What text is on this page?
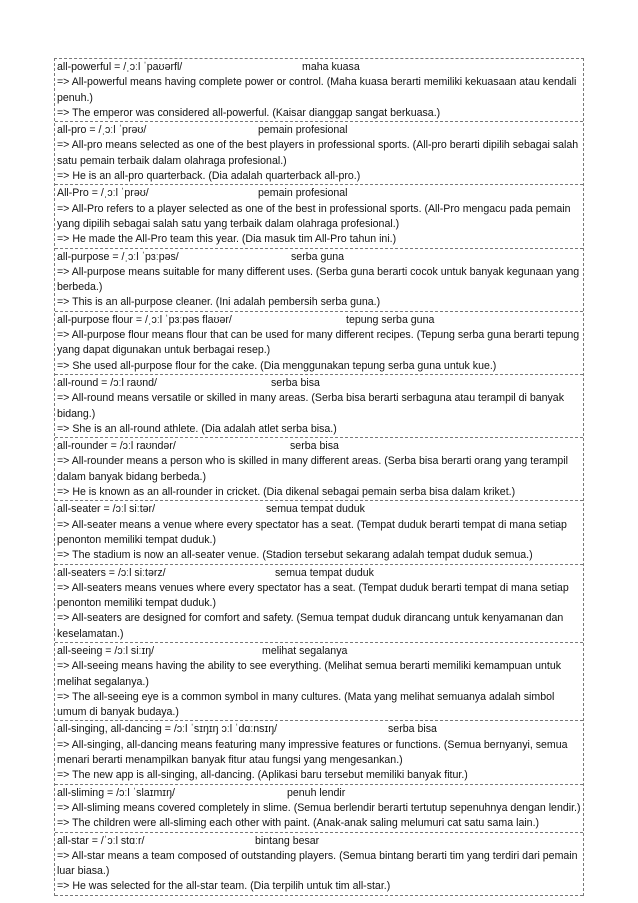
all-powerful = /ˌɔːl ˈpaʊərfl/	maha kuasa
=> All-powerful means having complete power or control. (Maha kuasa berarti memiliki kekuasaan atau kendali penuh.)
=> The emperor was considered all-powerful. (Kaisar dianggap sangat berkuasa.)
all-pro = /ˌɔːl ˈprəʊ/	pemain profesional
=> All-pro means selected as one of the best players in professional sports. (All-pro berarti dipilih sebagai salah satu pemain terbaik dalam olahraga profesional.)
=> He is an all-pro quarterback. (Dia adalah quarterback all-pro.)
All-Pro = /ˌɔːl ˈprəʊ/	pemain profesional
=> All-Pro refers to a player selected as one of the best in professional sports. (All-Pro mengacu pada pemain yang dipilih sebagai salah satu yang terbaik dalam olahraga profesional.)
=> He made the All-Pro team this year. (Dia masuk tim All-Pro tahun ini.)
all-purpose = /ˌɔːl ˈpɜːpəs/	serba guna
=> All-purpose means suitable for many different uses. (Serba guna berarti cocok untuk banyak kegunaan yang berbeda.)
=> This is an all-purpose cleaner. (Ini adalah pembersih serba guna.)
all-purpose flour = /ˌɔːl ˈpɜːpəs flaʊər/	tepung serba guna
=> All-purpose flour means flour that can be used for many different recipes. (Tepung serba guna berarti tepung yang dapat digunakan untuk berbagai resep.)
=> She used all-purpose flour for the cake. (Dia menggunakan tepung serba guna untuk kue.)
all-round = /ɔːl raʊnd/	serba bisa
=> All-round means versatile or skilled in many areas. (Serba bisa berarti serbaguna atau terampil di banyak bidang.)
=> She is an all-round athlete. (Dia adalah atlet serba bisa.)
all-rounder = /ɔːl raʊndər/	serba bisa
=> All-rounder means a person who is skilled in many different areas. (Serba bisa berarti orang yang terampil dalam banyak bidang berbeda.)
=> He is known as an all-rounder in cricket. (Dia dikenal sebagai pemain serba bisa dalam kriket.)
all-seater = /ɔːl siːtər/	semua tempat duduk
=> All-seater means a venue where every spectator has a seat. (Tempat duduk berarti tempat di mana setiap penonton memiliki tempat duduk.)
=> The stadium is now an all-seater venue. (Stadion tersebut sekarang adalah tempat duduk semua.)
all-seaters = /ɔːl siːtərz/	semua tempat duduk
=> All-seaters means venues where every spectator has a seat. (Tempat duduk berarti tempat di mana setiap penonton memiliki tempat duduk.)
=> All-seaters are designed for comfort and safety. (Semua tempat duduk dirancang untuk kenyamanan dan keselamatan.)
all-seeing = /ɔːl siːɪŋ/	melihat segalanya
=> All-seeing means having the ability to see everything. (Melihat semua berarti memiliki kemampuan untuk melihat segalanya.)
=> The all-seeing eye is a common symbol in many cultures. (Mata yang melihat semuanya adalah simbol umum di banyak budaya.)
all-singing, all-dancing = /ɔːl ˈsɪŋɪŋ ɔːl ˈdɑːnsɪŋ/	serba bisa
=> All-singing, all-dancing means featuring many impressive features or functions. (Semua bernyanyi, semua menari berarti menampilkan banyak fitur atau fungsi yang mengesankan.)
=> The new app is all-singing, all-dancing. (Aplikasi baru tersebut memiliki banyak fitur.)
all-sliming = /ɔːl ˈslaɪmɪŋ/	penuh lendir
=> All-sliming means covered completely in slime. (Semua berlendir berarti tertutup sepenuhnya dengan lendir.)
=> The children were all-sliming each other with paint. (Anak-anak saling melumuri cat satu sama lain.)
all-star = /ˈɔːl stɑːr/	bintang besar
=> All-star means a team composed of outstanding players. (Semua bintang berarti tim yang terdiri dari pemain luar biasa.)
=> He was selected for the all-star team. (Dia terpilih untuk tim all-star.)
